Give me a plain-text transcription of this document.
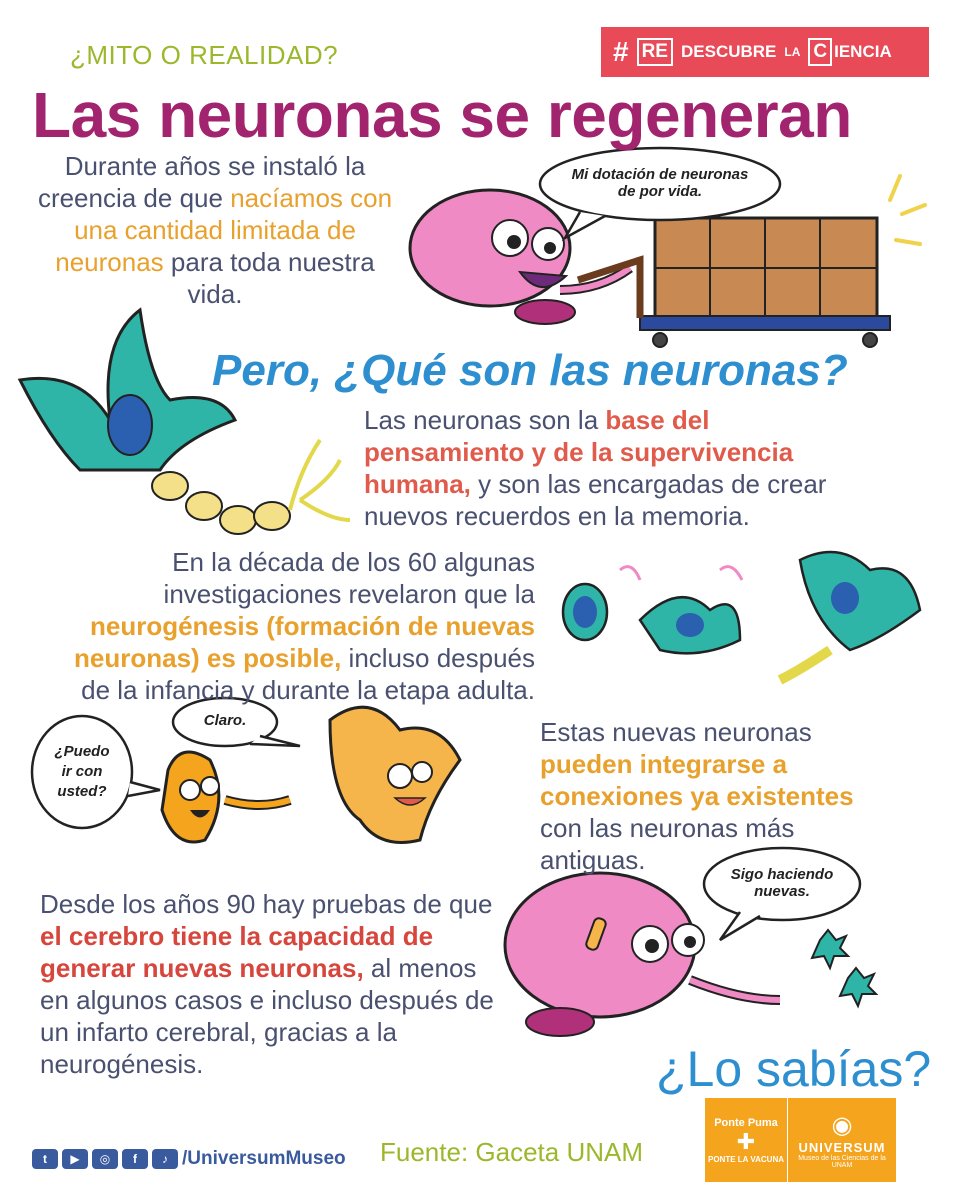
Mi dotación de neuronas de por vida.
Claro.
¿Puedo ir con usted?
Sigo haciendo nuevas.
¿MITO O REALIDAD?
Las neuronas se regeneran
# RE DESCUBRE LA C IENCIA
Durante años se instaló la creencia de que nacíamos con una cantidad limitada de neuronas para toda nuestra vida.
Pero, ¿Qué son las neuronas?
Las neuronas son la base del pensamiento y de la supervivencia humana, y son las encargadas de crear nuevos recuerdos en la memoria.
En la década de los 60 algunas investigaciones revelaron que la neurogénesis (formación de nuevas neuronas) es posible, incluso después de la infancia y durante la etapa adulta.
Estas nuevas neuronas pueden integrarse a conexiones ya existentes con las neuronas más antiguas.
Desde los años 90 hay pruebas de que el cerebro tiene la capacidad de generar nuevas neuronas, al menos en algunos casos e incluso después de un infarto cerebral, gracias a la neurogénesis.	¿Lo sabías?
t	▶	◎	f	♪ /UniversumMuseo Fuente: Gaceta UNAM
Ponte Puma
✚
PONTE LA VACUNA
◉
UNIVERSUM
Museo de las Ciencias de la UNAM
